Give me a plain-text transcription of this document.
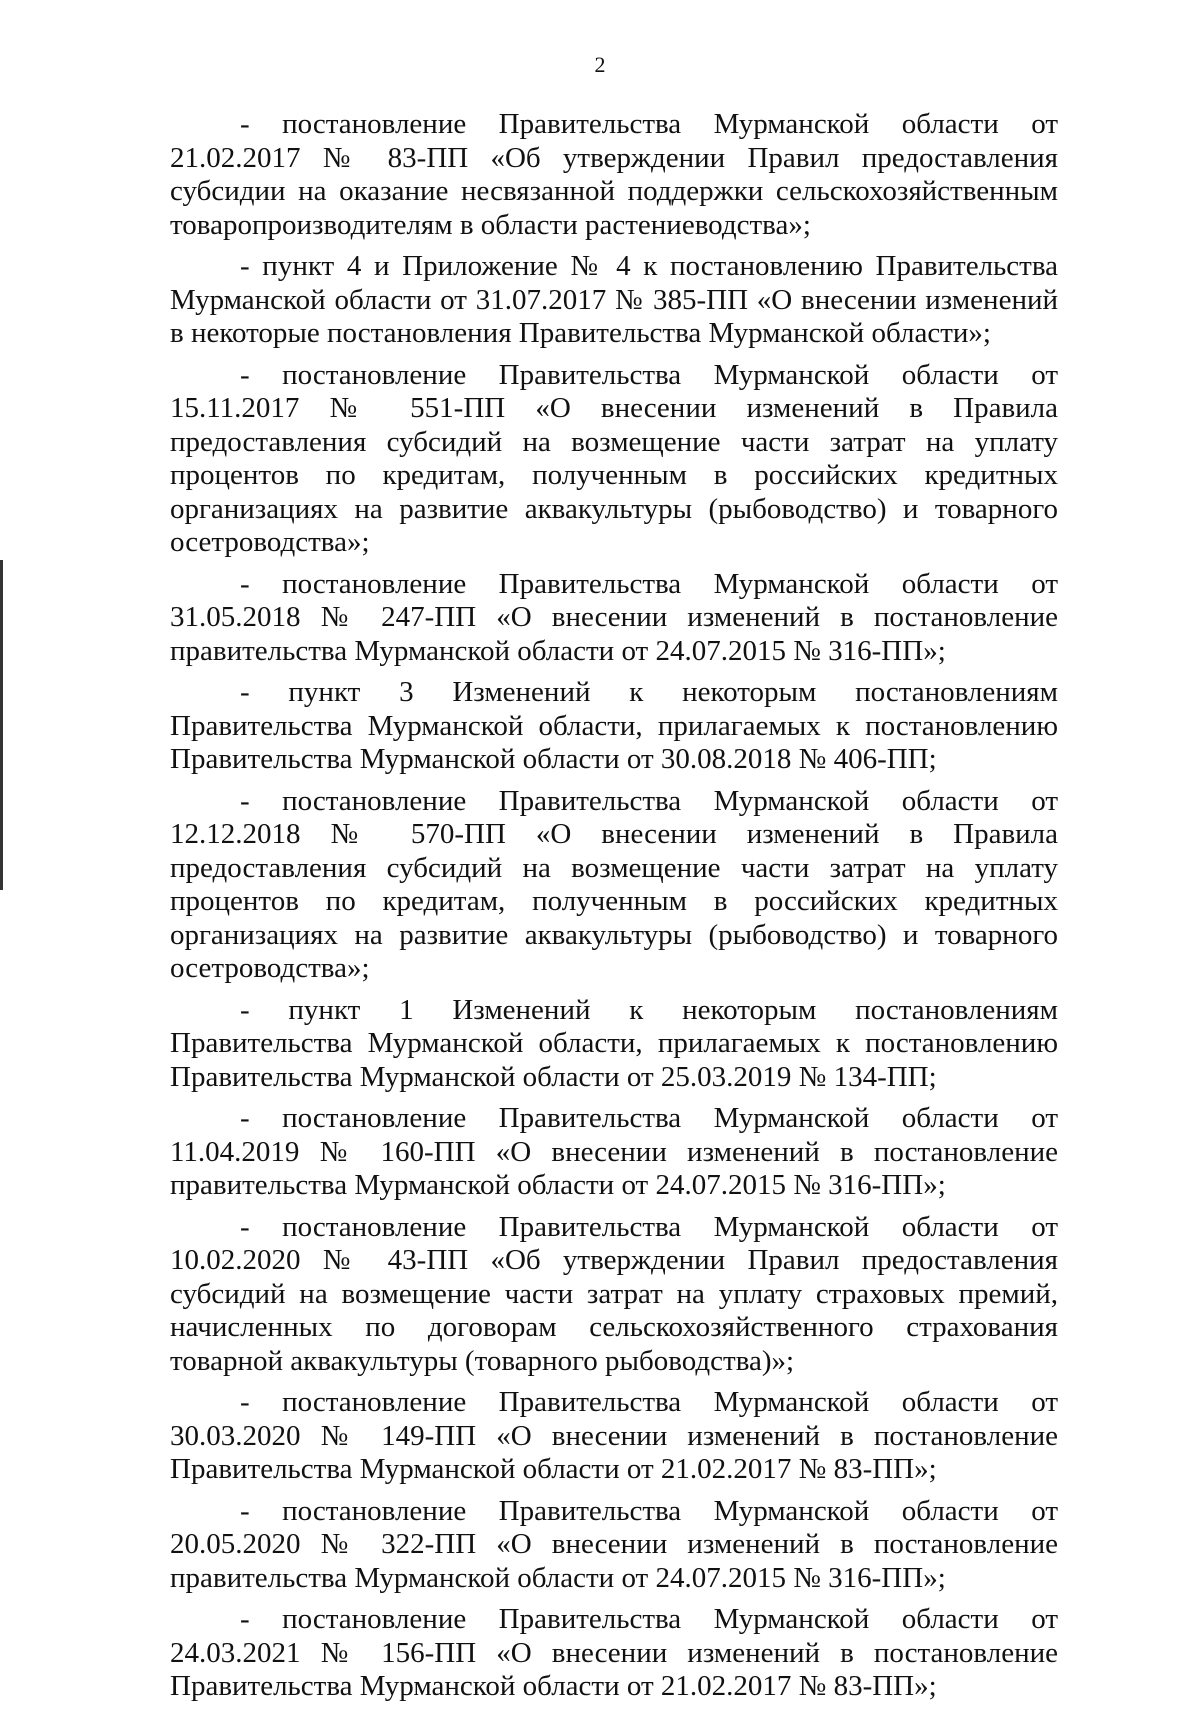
2

- постановление Правительства Мурманской области от 21.02.2017 № 83-ПП «Об утверждении Правил предоставления субсидии на оказание несвязанной поддержки сельскохозяйственным товаропроизводителям в области растениеводства»;

- пункт 4 и Приложение № 4 к постановлению Правительства Мурманской области от 31.07.2017 № 385-ПП «О внесении изменений в некоторые постановления Правительства Мурманской области»;

- постановление Правительства Мурманской области от 15.11.2017 № 551-ПП «О внесении изменений в Правила предоставления субсидий на возмещение части затрат на уплату процентов по кредитам, полученным в российских кредитных организациях на развитие аквакультуры (рыбоводство) и товарного осетроводства»;

- постановление Правительства Мурманской области от 31.05.2018 № 247-ПП «О внесении изменений в постановление правительства Мурманской области от 24.07.2015 № 316-ПП»;

- пункт 3 Изменений к некоторым постановлениям Правительства Мурманской области, прилагаемых к постановлению Правительства Мурманской области от 30.08.2018 № 406-ПП;

- постановление Правительства Мурманской области от 12.12.2018 № 570-ПП «О внесении изменений в Правила предоставления субсидий на возмещение части затрат на уплату процентов по кредитам, полученным в российских кредитных организациях на развитие аквакультуры (рыбоводство) и товарного осетроводства»;

- пункт 1 Изменений к некоторым постановлениям Правительства Мурманской области, прилагаемых к постановлению Правительства Мурманской области от 25.03.2019 № 134-ПП;

- постановление Правительства Мурманской области от 11.04.2019 № 160-ПП «О внесении изменений в постановление правительства Мурманской области от 24.07.2015 № 316-ПП»;

- постановление Правительства Мурманской области от 10.02.2020 № 43-ПП «Об утверждении Правил предоставления субсидий на возмещение части затрат на уплату страховых премий, начисленных по договорам сельскохозяйственного страхования товарной аквакультуры (товарного рыбоводства)»;

- постановление Правительства Мурманской области от 30.03.2020 № 149-ПП «О внесении изменений в постановление Правительства Мурманской области от 21.02.2017 № 83-ПП»;

- постановление Правительства Мурманской области от 20.05.2020 № 322-ПП «О внесении изменений в постановление правительства Мурманской области от 24.07.2015 № 316-ПП»;

- постановление Правительства Мурманской области от 24.03.2021 № 156-ПП «О внесении изменений в постановление Правительства Мурманской области от 21.02.2017 № 83-ПП»;
